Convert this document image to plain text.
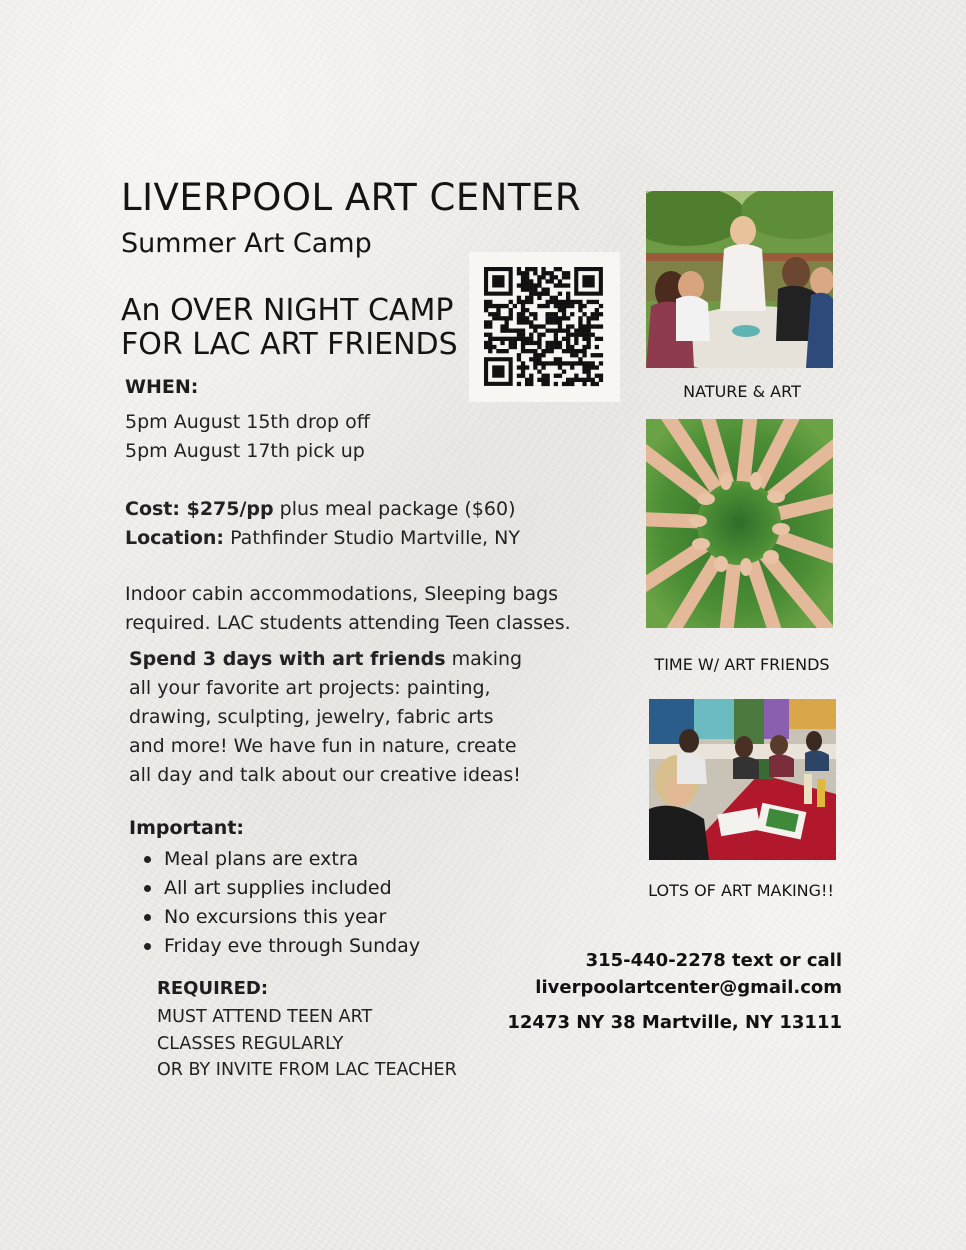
LIVERPOOL ART CENTER
Summer Art Camp
An OVER NIGHT CAMP
FOR LAC ART FRIENDS
WHEN:
5pm August 15th drop off
5pm August 17th pick up
Cost: $275/pp plus meal package ($60)
Location: Pathfinder Studio Martville, NY
Indoor cabin accommodations, Sleeping bags
required. LAC students attending Teen classes.
Spend 3 days with art friends making
all your favorite art projects: painting,
drawing, sculpting, jewelry, fabric arts
and more! We have fun in nature, create
all day and talk about our creative ideas!
Important:
Meal plans are extra
All art supplies included
No excursions this year
Friday eve through Sunday
REQUIRED:
MUST ATTEND TEEN ART
CLASSES REGULARLY
OR BY INVITE FROM LAC TEACHER
315-440-2278 text or call
liverpoolartcenter@gmail.com
12473 NY 38 Martville, NY 13111
NATURE & ART
TIME W/ ART FRIENDS
LOTS OF ART MAKING!!
